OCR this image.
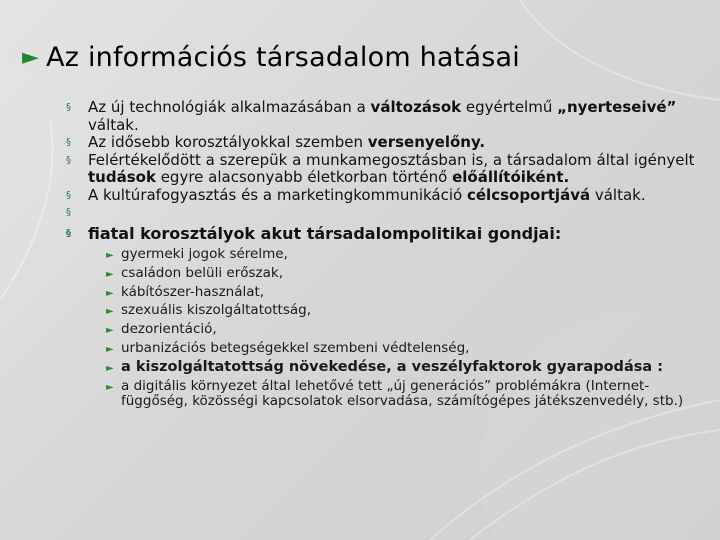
► Az információs társadalom hatásai
§ Az új technológiák alkalmazásában a változások egyértelmű „nyerteseivé” váltak.
§ Az idősebb korosztályokkal szemben versenyelőny.
§ Felértékelődött a szerepük a munkamegosztásban is, a társadalom által igényelt tudások egyre alacsonyabb életkorban történő előállítóiként.
§ A kultúrafogyasztás és a marketingkommunikáció célcsoportjává váltak.
§
§ fiatal korosztályok akut társadalompolitikai gondjai:
► gyermeki jogok sérelme,
► családon belüli erőszak,
► kábítószer-használat,
► szexuális kiszolgáltatottság,
► dezorientáció,
► urbanizációs betegségekkel szembeni védtelenség,
► a kiszolgáltatottság növekedése, a veszélyfaktorok gyarapodása :
► a digitális környezet által lehetővé tett „új generációs” problémákra (Internet-függőség, közösségi kapcsolatok elsorvadása, számítógépes játékszenvedély, stb.)
